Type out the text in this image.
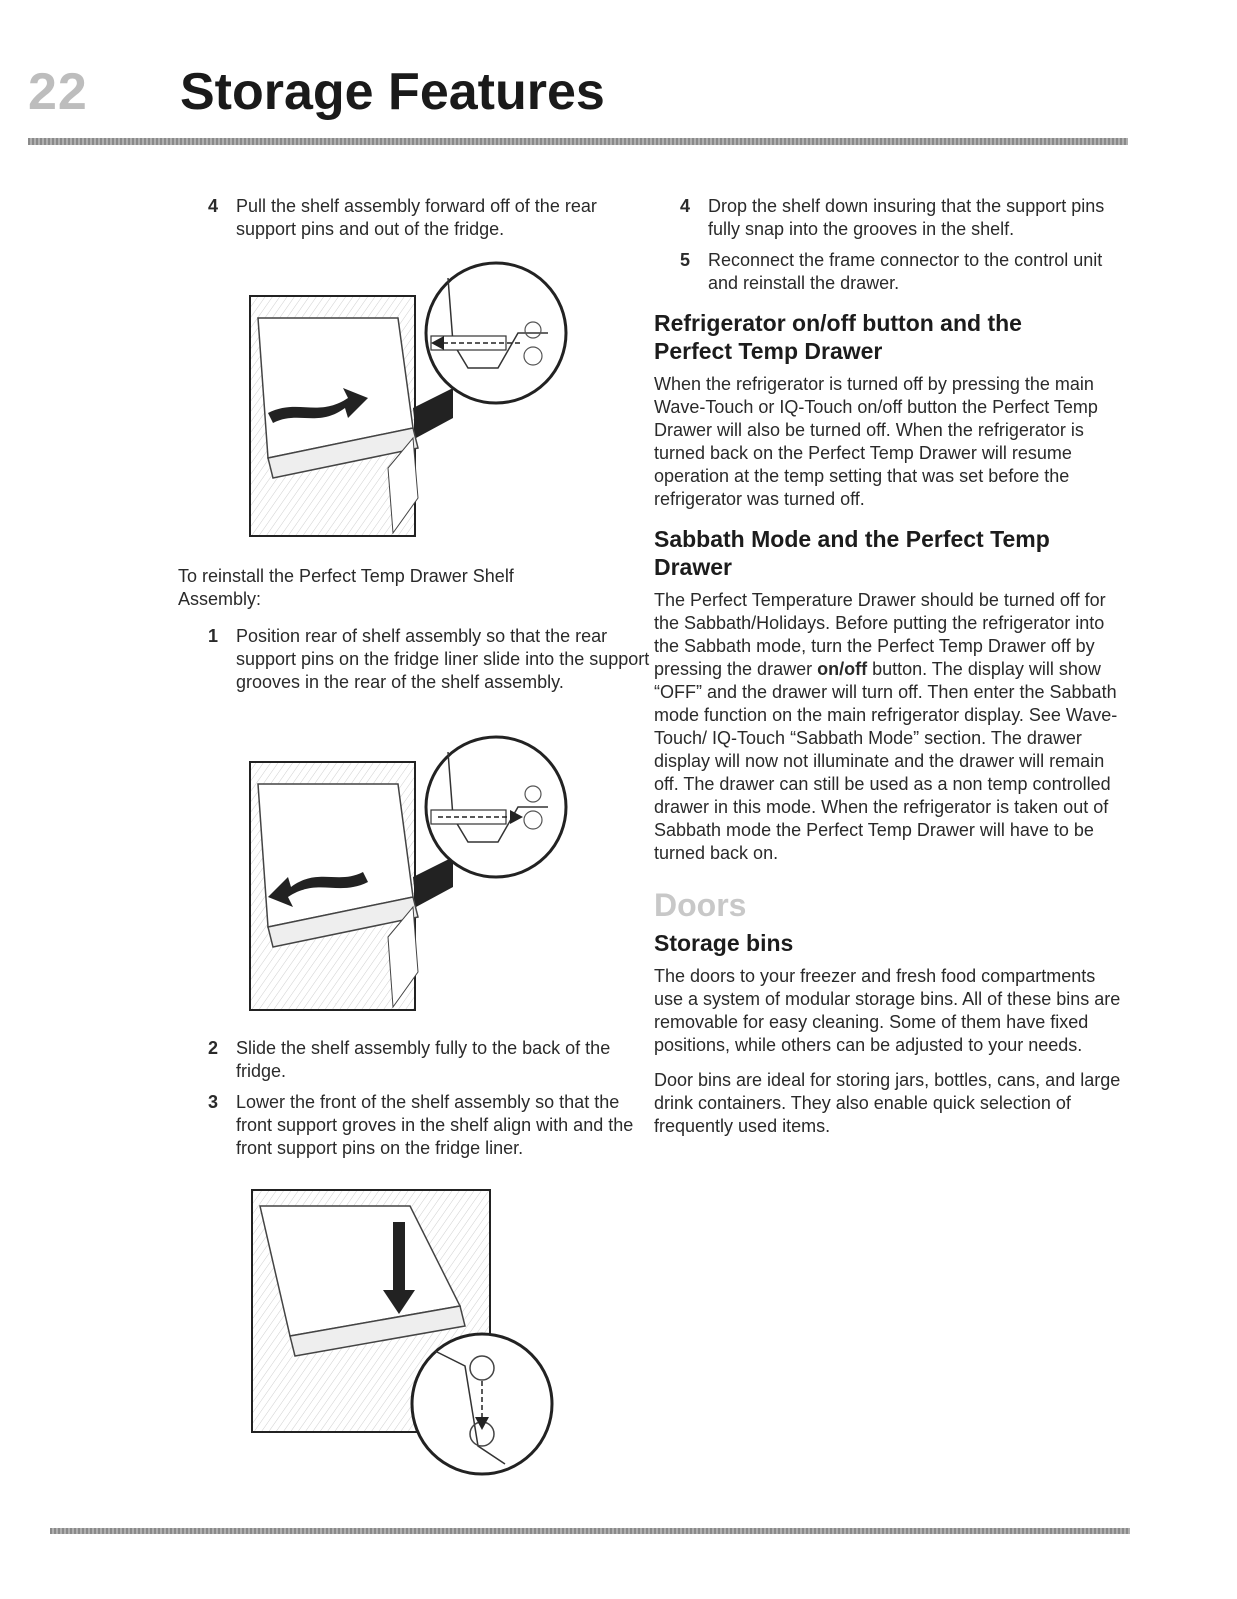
22 Storage Features
4 Pull the shelf assembly forward off of the rear support pins and out of the fridge.

To reinstall the Perfect Temp Drawer Shelf Assembly:

1 Position rear of shelf assembly so that the rear support pins on the fridge liner slide into the support grooves in the rear of the shelf assembly.
2 Slide the shelf assembly fully to the back of the fridge.
3 Lower the front of the shelf assembly so that the front support groves in the shelf align with and the front support pins on the fridge liner.
4 Drop the shelf down insuring that the support pins fully snap into the grooves in the shelf.
5 Reconnect the frame connector to the control unit and reinstall the drawer.
Refrigerator on/off button and the Perfect Temp Drawer

When the refrigerator is turned off by pressing the main Wave-Touch or IQ-Touch on/off button the Perfect Temp Drawer will also be turned off. When the refrigerator is turned back on the Perfect Temp Drawer will resume operation at the temp setting that was set before the refrigerator was turned off.

Sabbath Mode and the Perfect Temp Drawer

The Perfect Temperature Drawer should be turned off for the Sabbath/Holidays. Before putting the refrigerator into the Sabbath mode, turn the Perfect Temp Drawer off by pressing the drawer on/off button. The display will show “OFF” and the drawer will turn off. Then enter the Sabbath mode function on the main refrigerator display. See Wave-Touch/ IQ-Touch “Sabbath Mode” section. The drawer display will now not illuminate and the drawer will remain off. The drawer can still be used as a non temp controlled drawer in this mode. When the refrigerator is taken out of Sabbath mode the Perfect Temp Drawer will have to be turned back on.

Doors
Storage bins

The doors to your freezer and fresh food compartments use a system of modular storage bins. All of these bins are removable for easy cleaning. Some of them have fixed positions, while others can be adjusted to your needs.

Door bins are ideal for storing jars, bottles, cans, and large drink containers. They also enable quick selection of frequently used items.
